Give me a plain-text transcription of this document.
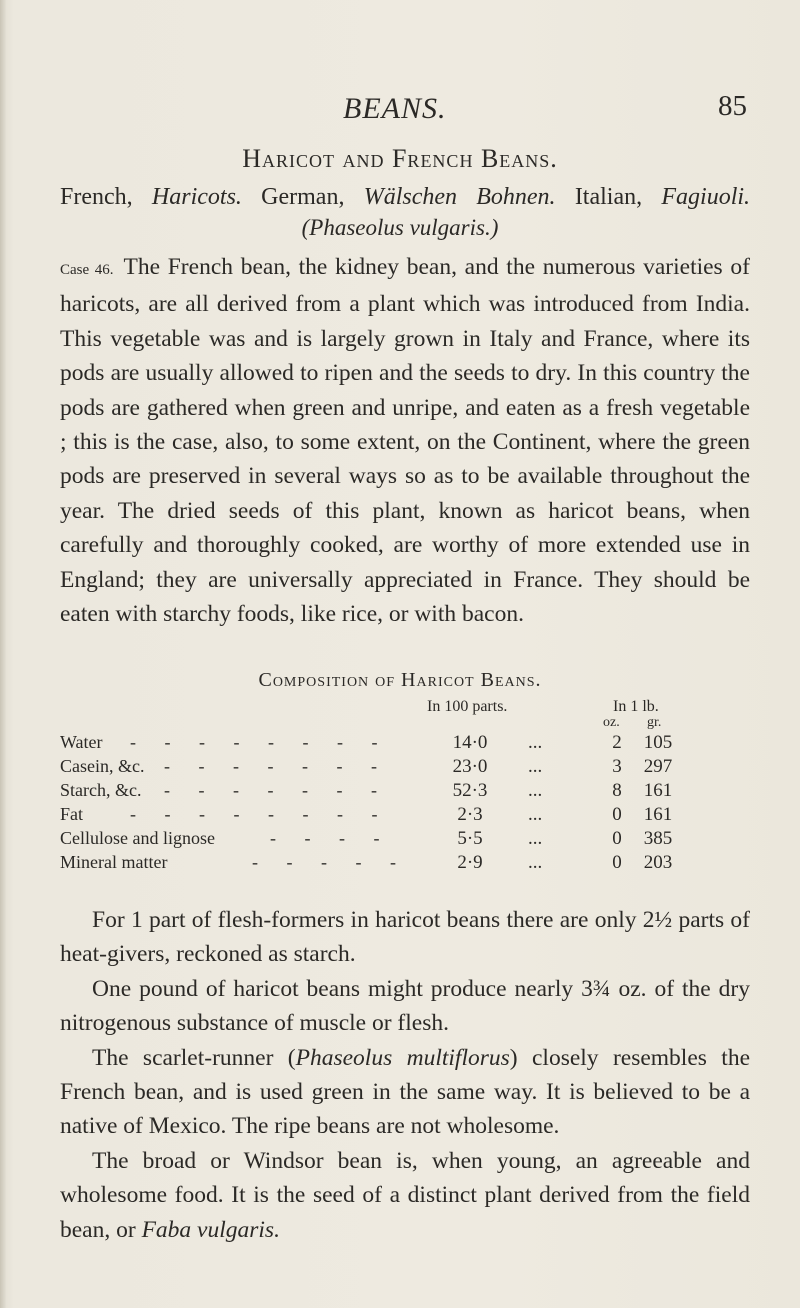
BEANS.	85
Haricot and French Beans.
French, Haricots. German, Wälschen Bohnen. Italian, Fagiuoli.
(Phaseolus vulgaris.)
Case 46. The French bean, the kidney bean, and the numerous varieties of haricots, are all derived from a plant which was introduced from India. This vegetable was and is largely grown in Italy and France, where its pods are usually allowed to ripen and the seeds to dry. In this country the pods are gathered when green and unripe, and eaten as a fresh vegetable ; this is the case, also, to some extent, on the Continent, where the green pods are preserved in several ways so as to be available throughout the year. The dried seeds of this plant, known as haricot beans, when carefully and thoroughly cooked, are worthy of more extended use in England; they are universally appreciated in France. They should be eaten with starchy foods, like rice, or with bacon.
Composition of Haricot Beans.
In 100 parts.	In 1 lb.
oz. gr.
Water - - - - - - - -	14·0	...	2	105
Casein, &c. - - - - - - -	23·0	...	3	297
Starch, &c. - - - - - - -	52·3	...	8	161
Fat	- - - - - - - -	2·3	...	0	161
Cellulose and lignose	- - - -	5·5	...	0	385
Mineral matter	- - - - -	2·9	...	0	203

For 1 part of flesh-formers in haricot beans there are only 2½ parts of heat-givers, reckoned as starch.

One pound of haricot beans might produce nearly 3¾ oz. of the dry nitrogenous substance of muscle or flesh.

The scarlet-runner (Phaseolus multiflorus) closely resembles the French bean, and is used green in the same way. It is believed to be a native of Mexico. The ripe beans are not wholesome.

The broad or Windsor bean is, when young, an agreeable and wholesome food. It is the seed of a distinct plant derived from the field bean, or Faba vulgaris.
